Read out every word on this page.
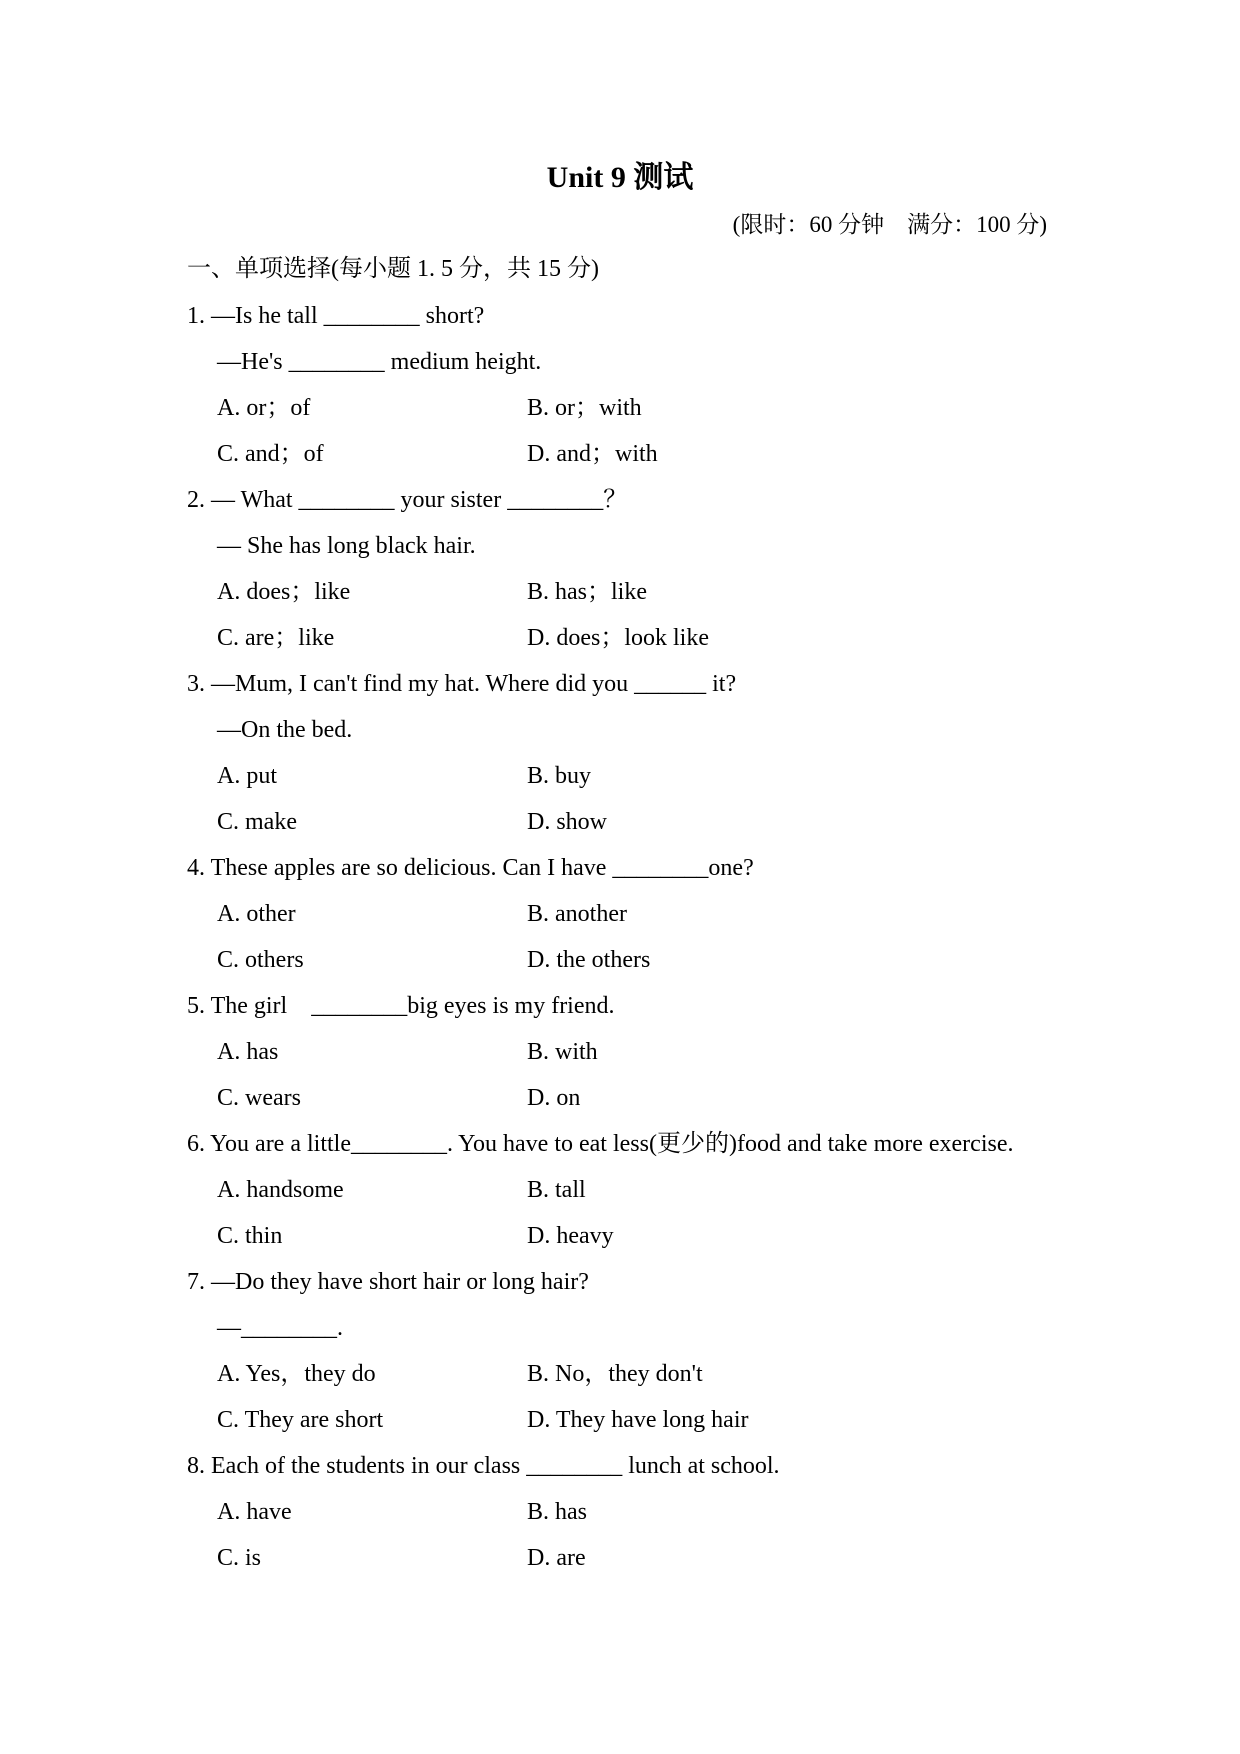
Unit 9 测试
(限时：60 分钟    满分：100 分)
一、单项选择(每小题 1. 5 分，共 15 分)
1. —Is he tall ________ short?
—He's ________ medium height.
A. or；of	B. or；with
C. and；of	D. and；with
2. — What ________ your sister ________？
— She has long black hair.
A. does；like	B. has；like
C. are；like	D. does；look like
3. —Mum, I can't find my hat. Where did you ______ it?
—On the bed.
A. put	B. buy
C. make	D. show
4. These apples are so delicious. Can I have ________one?
A. other	B. another
C. others	D. the others
5. The girl    ________big eyes is my friend.
A. has	B. with
C. wears	D. on
6. You are a little________. You have to eat less(更少的)food and take more exercise.
A. handsome	B. tall
C. thin	D. heavy
7. —Do they have short hair or long hair?
—________.
A. Yes，they do	B. No，they don't
C. They are short	D. They have long hair
8. Each of the students in our class ________ lunch at school.
A. have	B. has
C. is	D. are
